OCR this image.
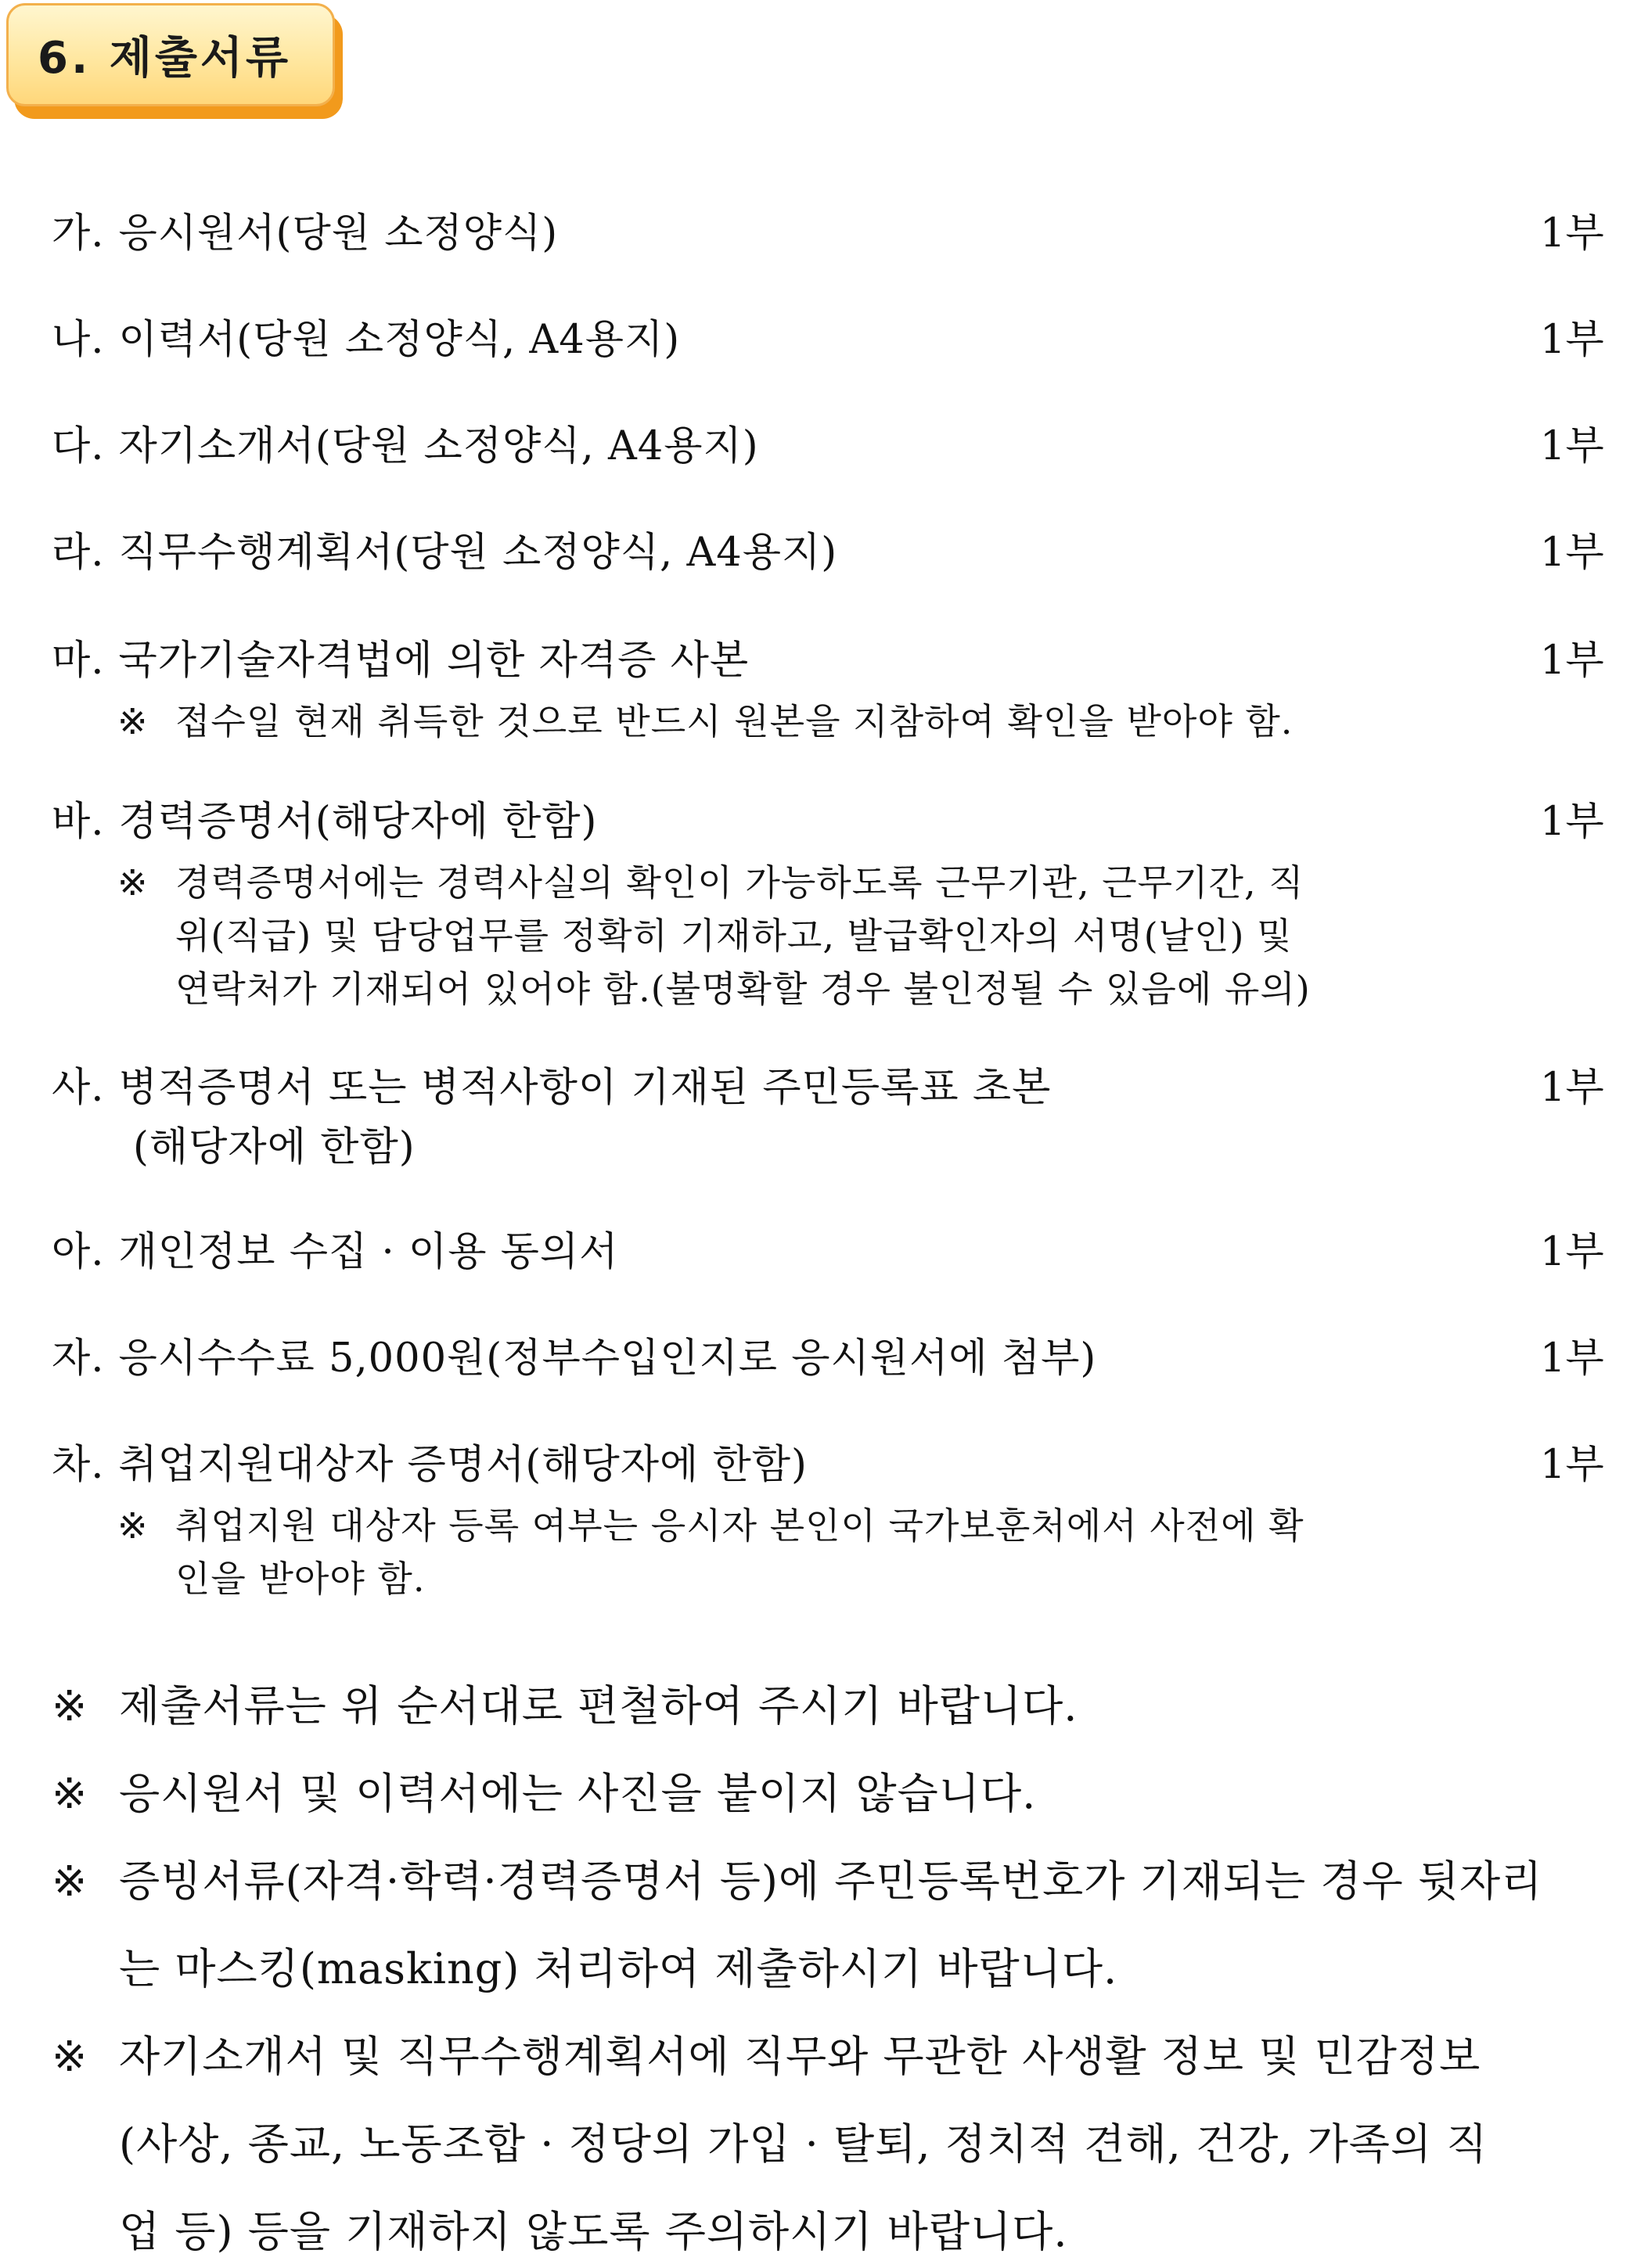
6. 제출서류
가. 응시원서(당원 소정양식)	1부
나. 이력서(당원 소정양식, A4용지)	1부
다. 자기소개서(당원 소정양식, A4용지)	1부
라. 직무수행계획서(당원 소정양식, A4용지)	1부
마. 국가기술자격법에 의한 자격증 사본	1부
※ 접수일 현재 취득한 것으로 반드시 원본을 지참하여 확인을 받아야 함.
바. 경력증명서(해당자에 한함)	1부
※ 경력증명서에는 경력사실의 확인이 가능하도록 근무기관, 근무기간, 직
위(직급) 및 담당업무를 정확히 기재하고, 발급확인자의 서명(날인) 및
연락처가 기재되어 있어야 함.(불명확할 경우 불인정될 수 있음에 유의)
사. 병적증명서 또는 병적사항이 기재된 주민등록표 초본	1부
(해당자에 한함)
아. 개인정보 수집 · 이용 동의서	1부
자. 응시수수료 5,000원(정부수입인지로 응시원서에 첨부)	1부
차. 취업지원대상자 증명서(해당자에 한함)	1부
※ 취업지원 대상자 등록 여부는 응시자 본인이 국가보훈처에서 사전에 확
인을 받아야 함.
※ 제출서류는 위 순서대로 편철하여 주시기 바랍니다.
※ 응시원서 및 이력서에는 사진을 붙이지 않습니다.
※ 증빙서류(자격·학력·경력증명서 등)에 주민등록번호가 기재되는 경우 뒷자리
는 마스킹(masking) 처리하여 제출하시기 바랍니다.
※ 자기소개서 및 직무수행계획서에 직무와 무관한 사생활 정보 및 민감정보
(사상, 종교, 노동조합 · 정당의 가입 · 탈퇴, 정치적 견해, 건강, 가족의 직
업 등) 등을 기재하지 않도록 주의하시기 바랍니다.
